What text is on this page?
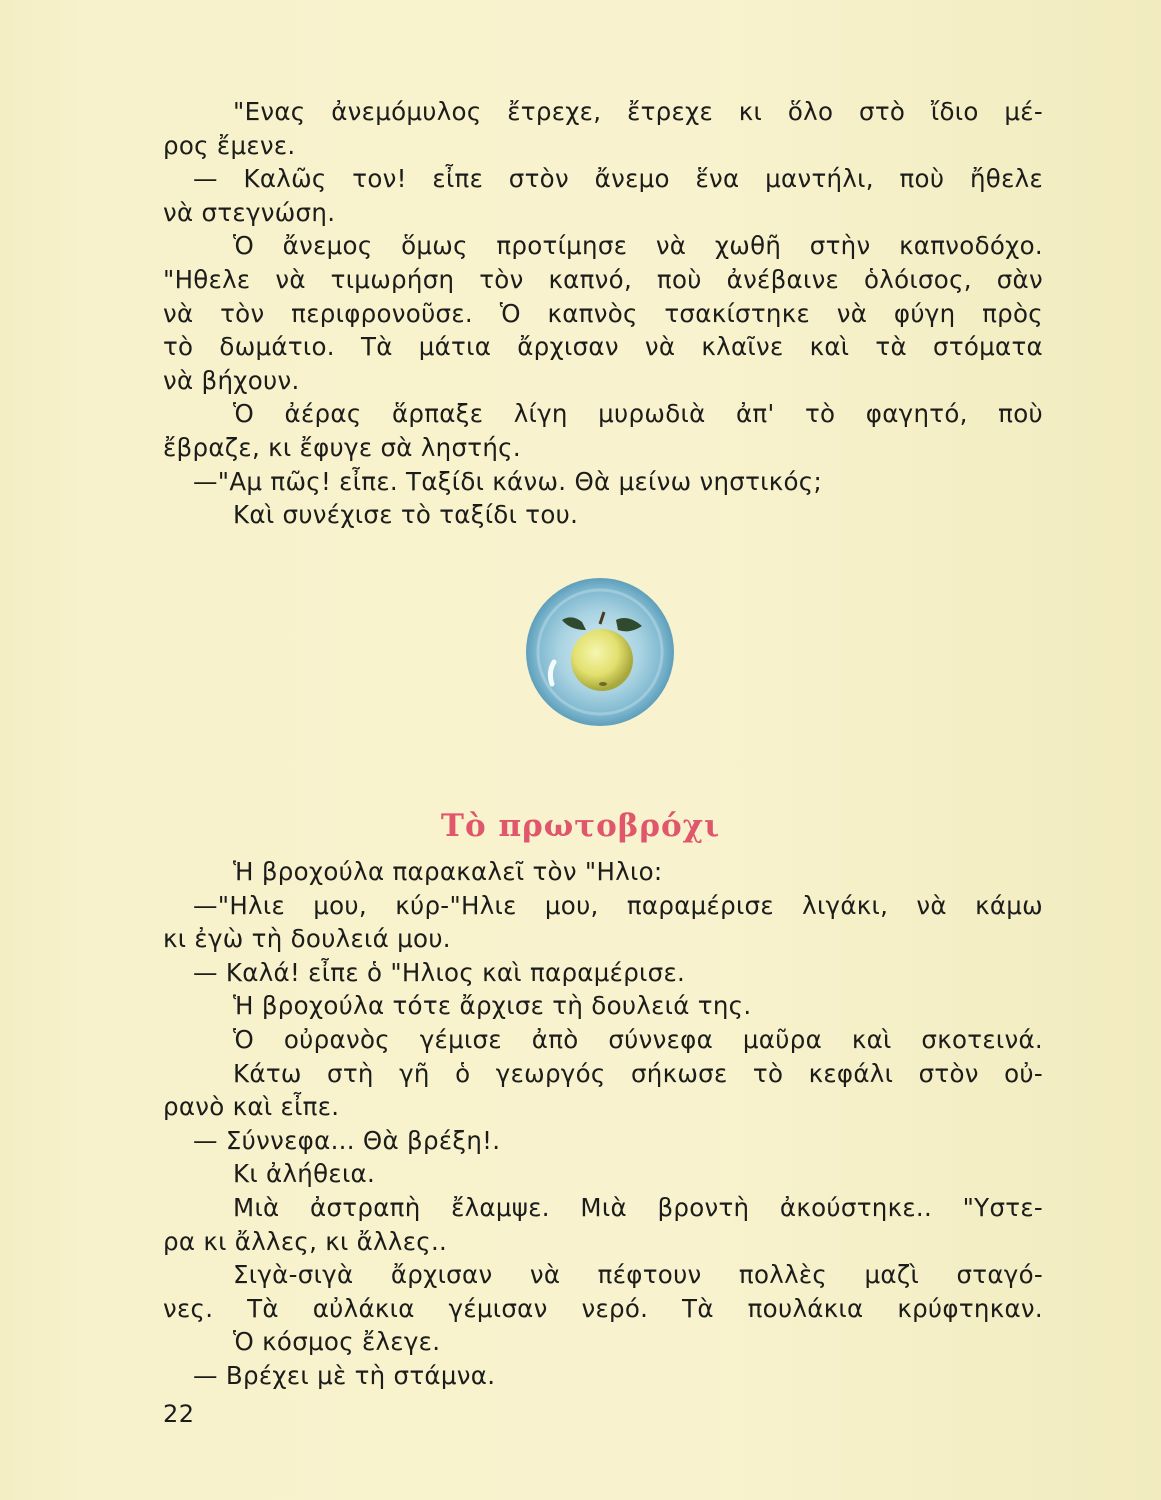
"Ενας ἀνεμόμυλος ἔτρεχε, ἔτρεχε κι ὅλο στὸ ἴδιο μέ-
ρος ἔμενε.
— Καλῶς τον! εἶπε στὸν ἄνεμο ἕνα μαντήλι, ποὺ ἤθελε
νὰ στεγνώση.
Ὁ ἄνεμος ὅμως προτίμησε νὰ χωθῆ στὴν καπνοδόχο.
"Ηθελε νὰ τιμωρήση τὸν καπνό, ποὺ ἀνέβαινε ὁλόισος, σὰν
νὰ τὸν περιφρονοῦσε. Ὁ καπνὸς τσακίστηκε νὰ φύγη πρὸς
τὸ δωμάτιο. Τὰ μάτια ἄρχισαν νὰ κλαῖνε καὶ τὰ στόματα
νὰ βήχουν.
Ὁ ἀέρας ἅρπαξε λίγη μυρωδιὰ ἀπ' τὸ φαγητό, ποὺ
ἔβραζε, κι ἔφυγε σὰ ληστής.
—"Αμ πῶς! εἶπε. Ταξίδι κάνω. Θὰ μείνω νηστικός;
Καὶ συνέχισε τὸ ταξίδι του.
Τὸ πρωτοβρόχι
Ἡ βροχούλα παρακαλεῖ τὸν "Ηλιο:
—"Ηλιε μου, κύρ-"Ηλιε μου, παραμέρισε λιγάκι, νὰ κάμω
κι ἐγὼ τὴ δουλειά μου.
— Καλά! εἶπε ὁ "Ηλιος καὶ παραμέρισε.
Ἡ βροχούλα τότε ἄρχισε τὴ δουλειά της.
Ὁ οὐρανὸς γέμισε ἀπὸ σύννεφα μαῦρα καὶ σκοτεινά.
Κάτω στὴ γῆ ὁ γεωργός σήκωσε τὸ κεφάλι στὸν οὐ-
ρανὸ καὶ εἶπε.
— Σύννεφα... Θὰ βρέξη!.
Κι ἀλήθεια.
Μιὰ ἀστραπὴ ἔλαμψε. Μιὰ βροντὴ ἀκούστηκε.. "Υστε-
ρα κι ἄλλες, κι ἄλλες..
Σιγὰ-σιγὰ ἄρχισαν νὰ πέφτουν πολλὲς μαζὶ σταγό-
νες. Τὰ αὐλάκια γέμισαν νερό. Τὰ πουλάκια κρύφτηκαν.
Ὁ κόσμος ἔλεγε.
— Βρέχει μὲ τὴ στάμνα.
22
